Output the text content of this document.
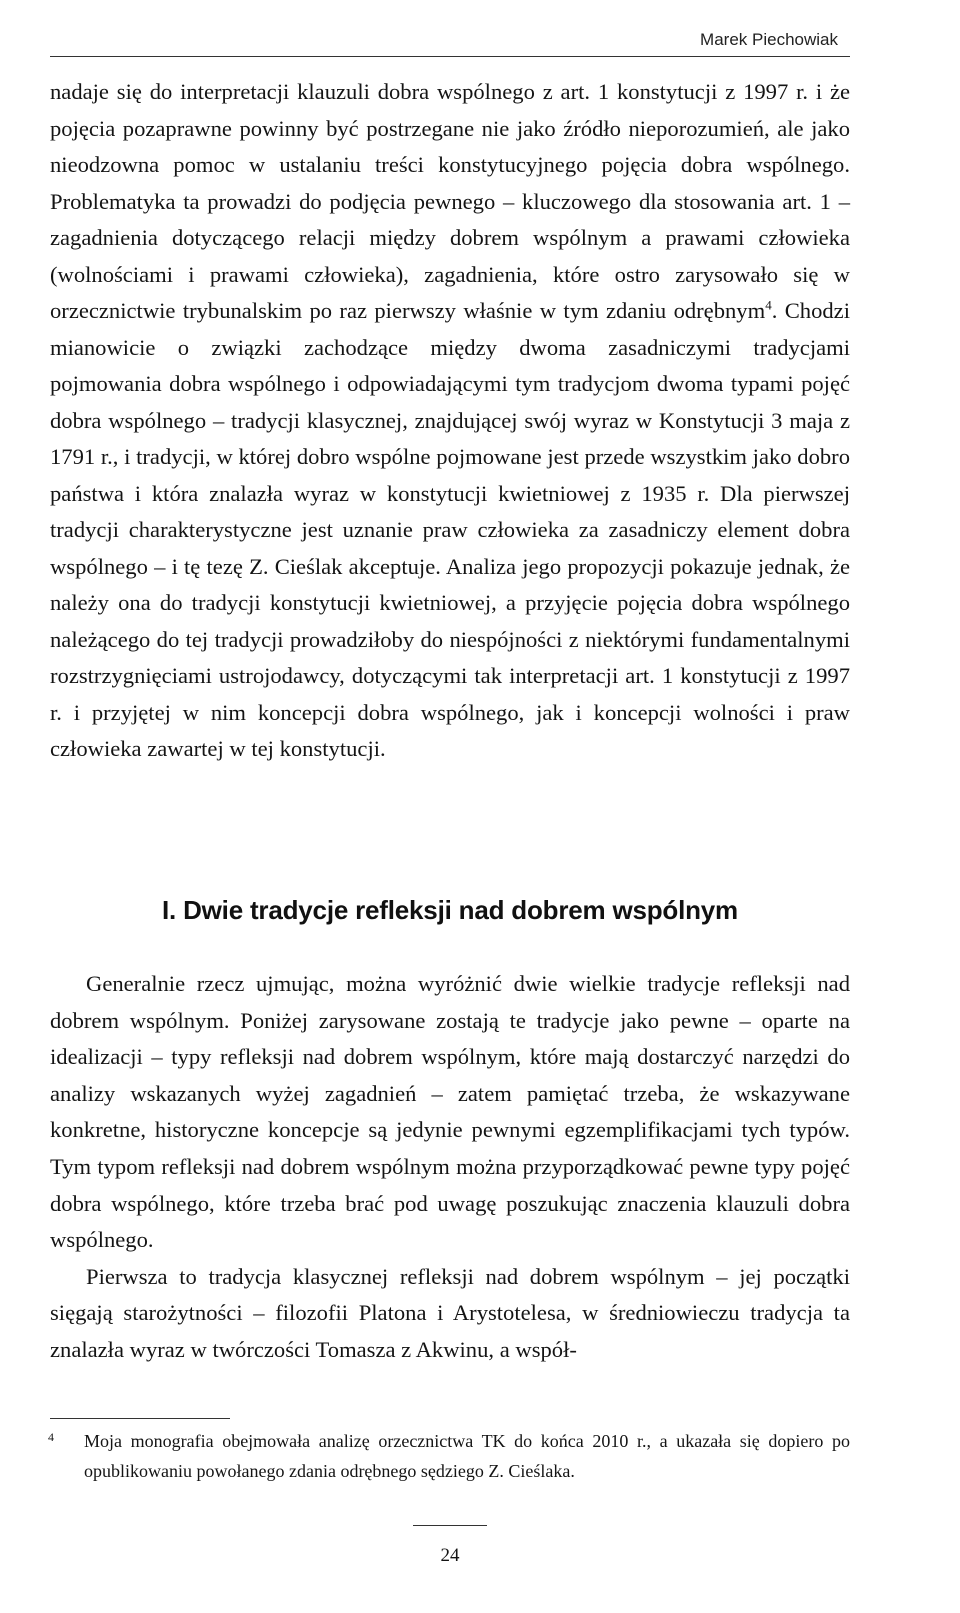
Marek Piechowiak

nadaje się do interpretacji klauzuli dobra wspólnego z art. 1 konstytucji z 1997 r. i że pojęcia pozaprawne powinny być postrzegane nie jako źródło nieporozumień, ale jako nieodzowna pomoc w ustalaniu treści konstytucyjnego pojęcia dobra wspólnego. Problematyka ta prowadzi do podjęcia pewnego – kluczowego dla stosowania art. 1 – zagadnienia dotyczącego relacji między dobrem wspólnym a prawami człowieka (wolnościami i prawami człowieka), zagadnienia, które ostro zarysowało się w orzecznictwie trybunalskim po raz pierwszy właśnie w tym zdaniu odrębnym$^4$. Chodzi mianowicie o związki zachodzące między dwoma zasadniczymi tradycjami pojmowania dobra wspólnego i odpowiadającymi tym tradycjom dwoma typami pojęć dobra wspólnego – tradycji klasycznej, znajdującej swój wyraz w Konstytucji 3 maja z 1791 r., i tradycji, w której dobro wspólne pojmowane jest przede wszystkim jako dobro państwa i która znalazła wyraz w konstytucji kwietniowej z 1935 r. Dla pierwszej tradycji charakterystyczne jest uznanie praw człowieka za zasadniczy element dobra wspólnego – i tę tezę Z. Cieślak akceptuje. Analiza jego propozycji pokazuje jednak, że należy ona do tradycji konstytucji kwietniowej, a przyjęcie pojęcia dobra wspólnego należącego do tej tradycji prowadziłoby do niespójności z niektórymi fundamentalnymi rozstrzygnięciami ustrojodawcy, dotyczącymi tak interpretacji art. 1 konstytucji z 1997 r. i przyjętej w nim koncepcji dobra wspólnego, jak i koncepcji wolności i praw człowieka zawartej w tej konstytucji.

I. Dwie tradycje refleksji nad dobrem wspólnym

Generalnie rzecz ujmując, można wyróżnić dwie wielkie tradycje refleksji nad dobrem wspólnym. Poniżej zarysowane zostają te tradycje jako pewne – oparte na idealizacji – typy refleksji nad dobrem wspólnym, które mają dostarczyć narzędzi do analizy wskazanych wyżej zagadnień – zatem pamiętać trzeba, że wskazywane konkretne, historyczne koncepcje są jedynie pewnymi egzemplifikacjami tych typów. Tym typom refleksji nad dobrem wspólnym można przyporządkować pewne typy pojęć dobra wspólnego, które trzeba brać pod uwagę poszukując znaczenia klauzuli dobra wspólnego.

Pierwsza to tradycja klasycznej refleksji nad dobrem wspólnym – jej początki sięgają starożytności – filozofii Platona i Arystotelesa, w średniowieczu tradycja ta znalazła wyraz w twórczości Tomasza z Akwinu, a współ-

4	Moja monografia obejmowała analizę orzecznictwa TK do końca 2010 r., a ukazała się dopiero po opublikowaniu powołanego zdania odrębnego sędziego Z. Cieślaka.
24
